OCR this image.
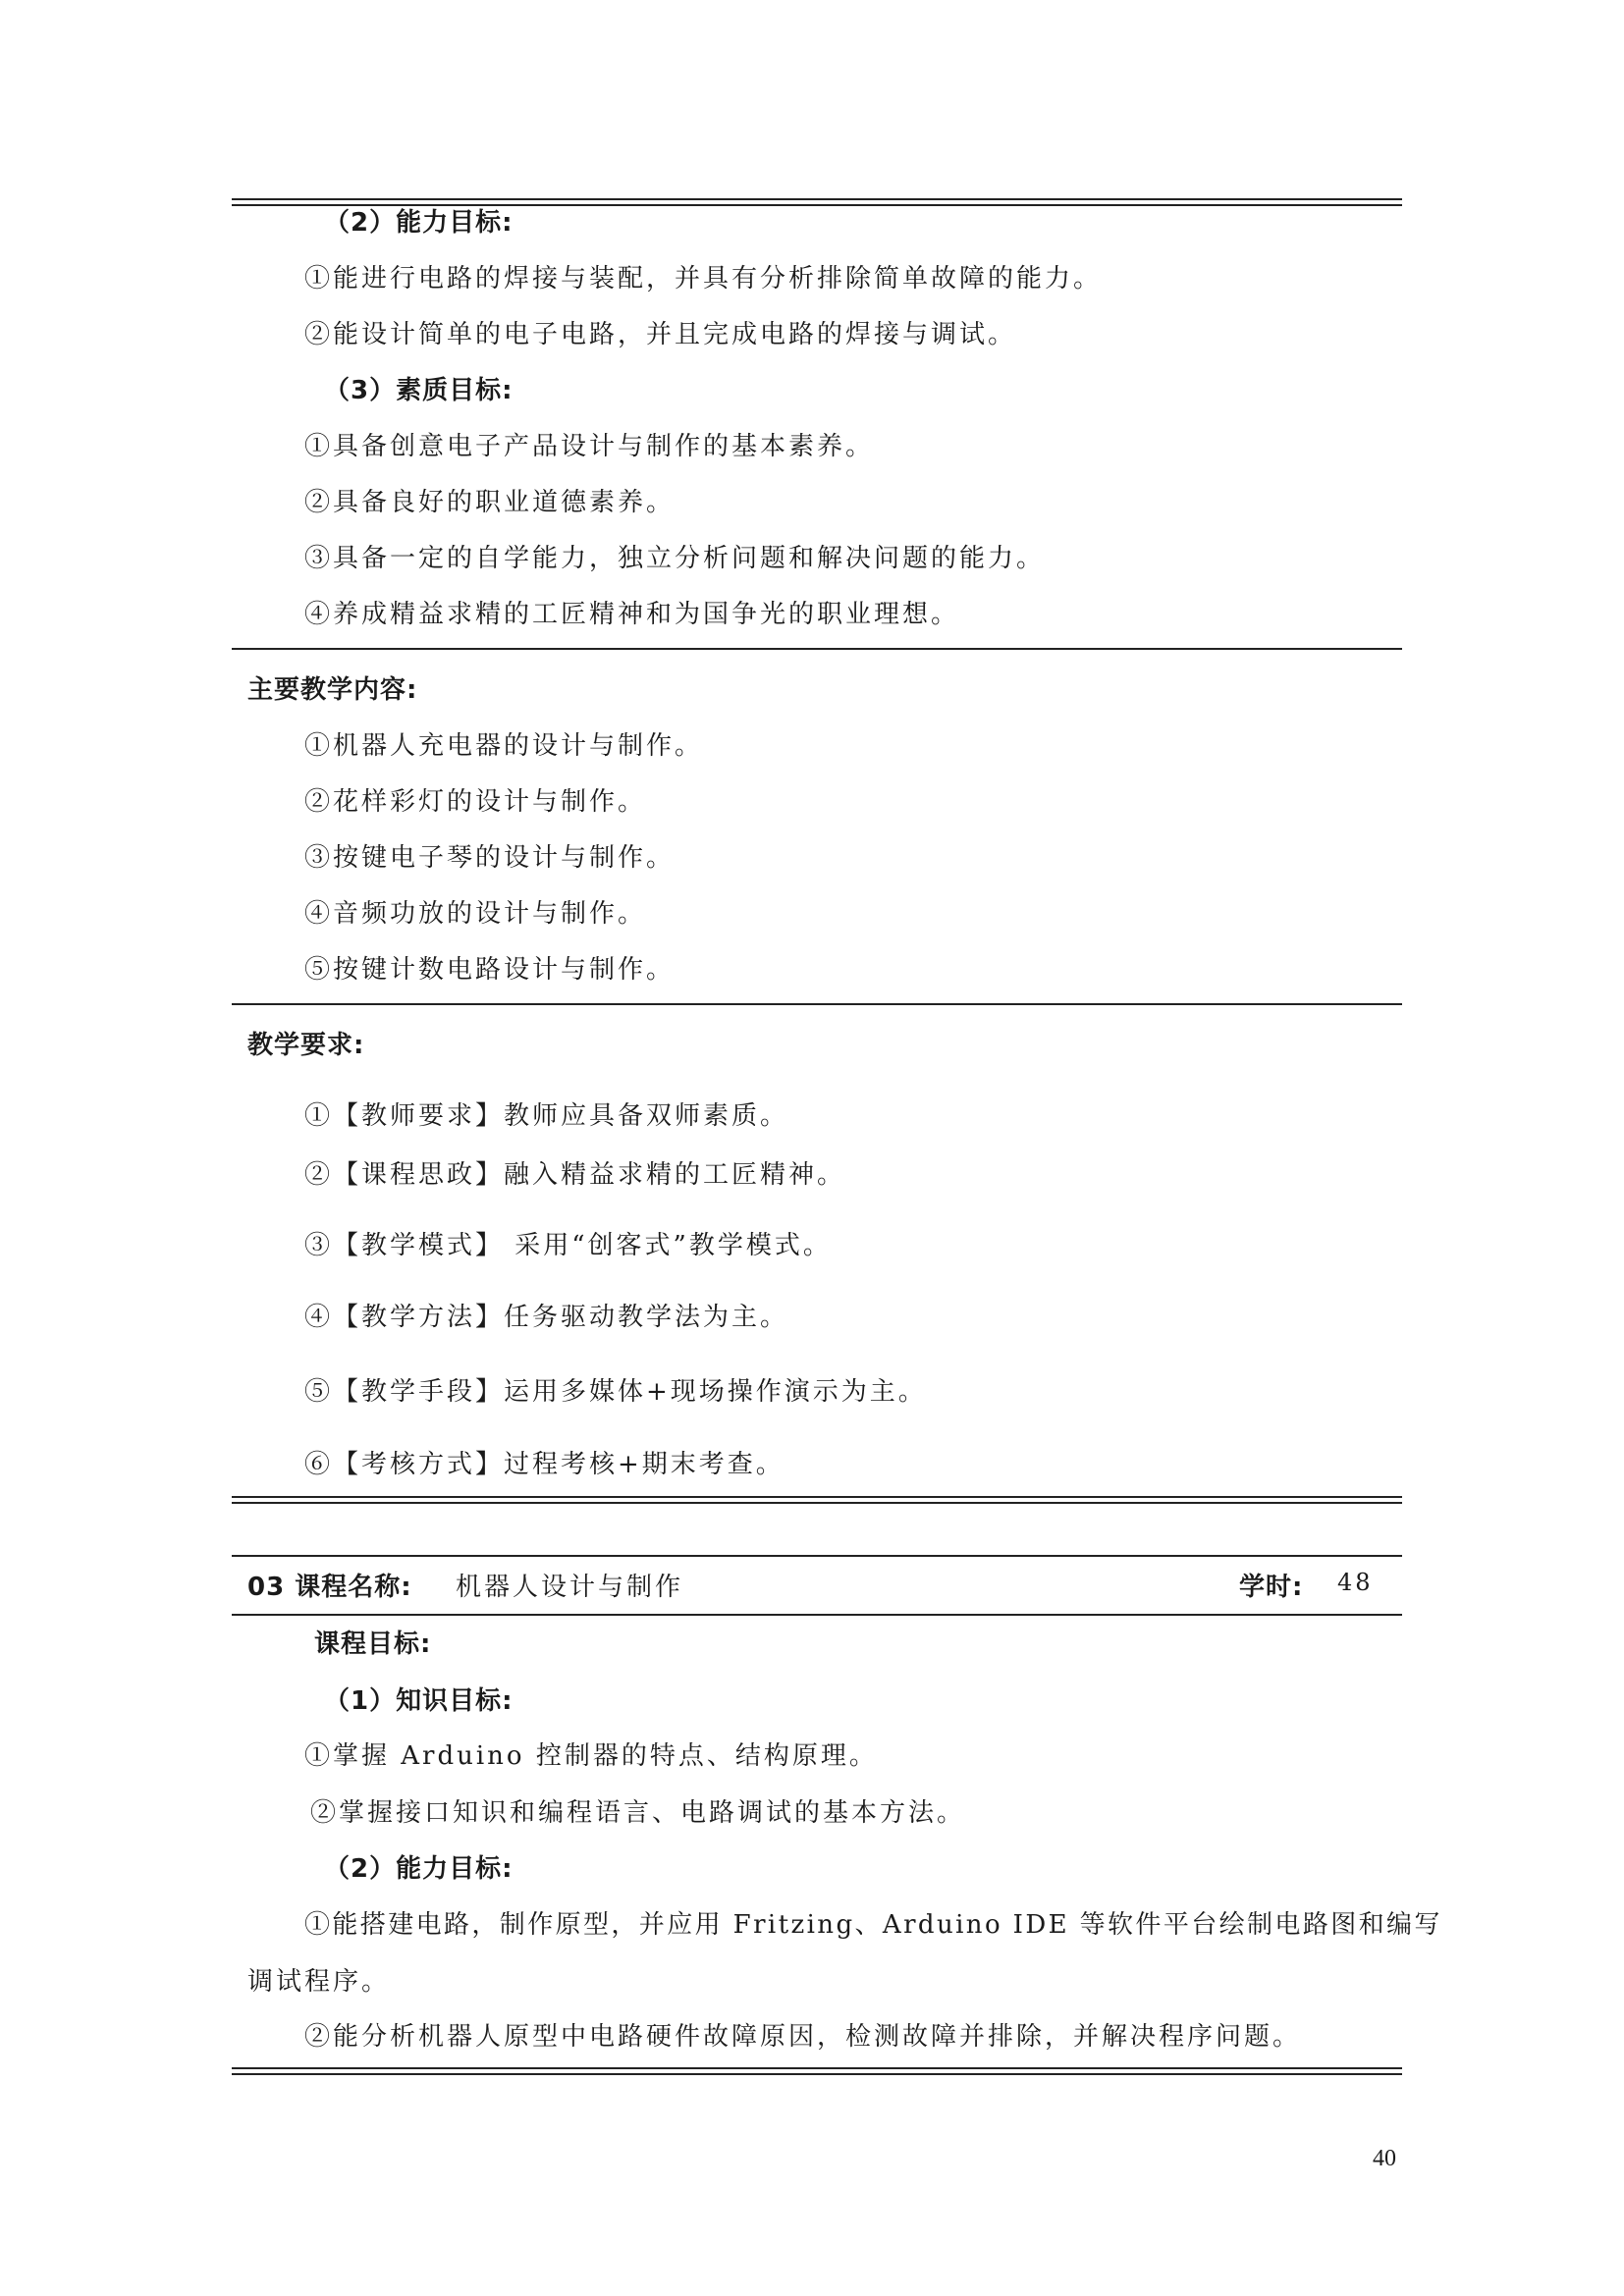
（2）能力目标:
①能进行电路的焊接与装配，并具有分析排除简单故障的能力。
②能设计简单的电子电路，并且完成电路的焊接与调试。
（3）素质目标:
①具备创意电子产品设计与制作的基本素养。
②具备良好的职业道德素养。
③具备一定的自学能力，独立分析问题和解决问题的能力。
④养成精益求精的工匠精神和为国争光的职业理想。
主要教学内容:
①机器人充电器的设计与制作。
②花样彩灯的设计与制作。
③按键电子琴的设计与制作。
④音频功放的设计与制作。
⑤按键计数电路设计与制作。
教学要求:
①【教师要求】教师应具备双师素质。
②【课程思政】融入精益求精的工匠精神。
③【教学模式】 采用“创客式”教学模式。
④【教学方法】任务驱动教学法为主。
⑤【教学手段】运用多媒体+现场操作演示为主。
⑥【考核方式】过程考核+期末考查。
03 课程名称: 机器人设计与制作	学时: 48
课程目标:
（1）知识目标:
①掌握 Arduino 控制器的特点、结构原理。
②掌握接口知识和编程语言、电路调试的基本方法。
（2）能力目标:
①能搭建电路，制作原型，并应用 Fritzing、Arduino IDE 等软件平台绘制电路图和编写
调试程序。
②能分析机器人原型中电路硬件故障原因，检测故障并排除，并解决程序问题。
40
